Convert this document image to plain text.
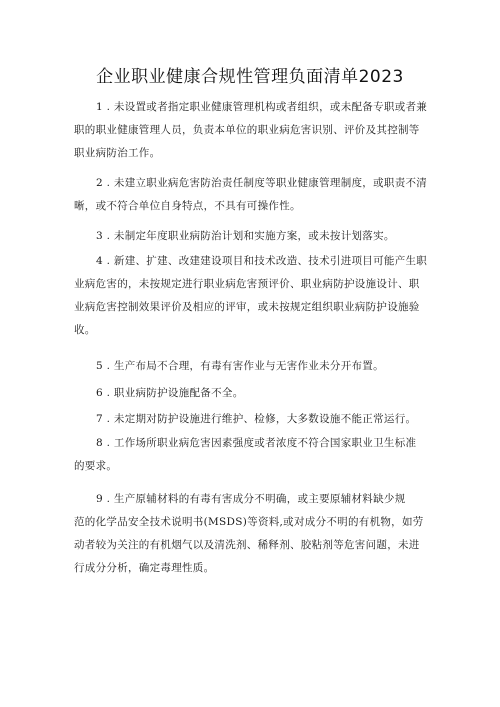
企业职业健康合规性管理负面清单2023
1 . 未设置或者指定职业健康管理机构或者组织，或未配备专职或者兼
职的职业健康管理人员，负责本单位的职业病危害识别、评价及其控制等
职业病防治工作。
2 . 未建立职业病危害防治责任制度等职业健康管理制度，或职责不清
晰，或不符合单位自身特点，不具有可操作性。
3 . 未制定年度职业病防治计划和实施方案，或未按计划落实。
4 . 新建、扩建、改建建设项目和技术改造、技术引进项目可能产生职
业病危害的，未按规定进行职业病危害预评价、职业病防护设施设计、职
业病危害控制效果评价及相应的评审，或未按规定组织职业病防护设施验
收。
5 . 生产布局不合理，有毒有害作业与无害作业未分开布置。
6 . 职业病防护设施配备不全。
7 . 未定期对防护设施进行维护、检修，大多数设施不能正常运行。
8 . 工作场所职业病危害因素强度或者浓度不符合国家职业卫生标准
的要求。
9 . 生产原辅材料的有毒有害成分不明确，或主要原辅材料缺少规
范的化学品安全技术说明书(MSDS)等资料,或对成分不明的有机物，如劳
动者较为关注的有机烟气以及清洗剂、稀释剂、胶粘剂等危害问题，未进
行成分分析，确定毒理性质。
